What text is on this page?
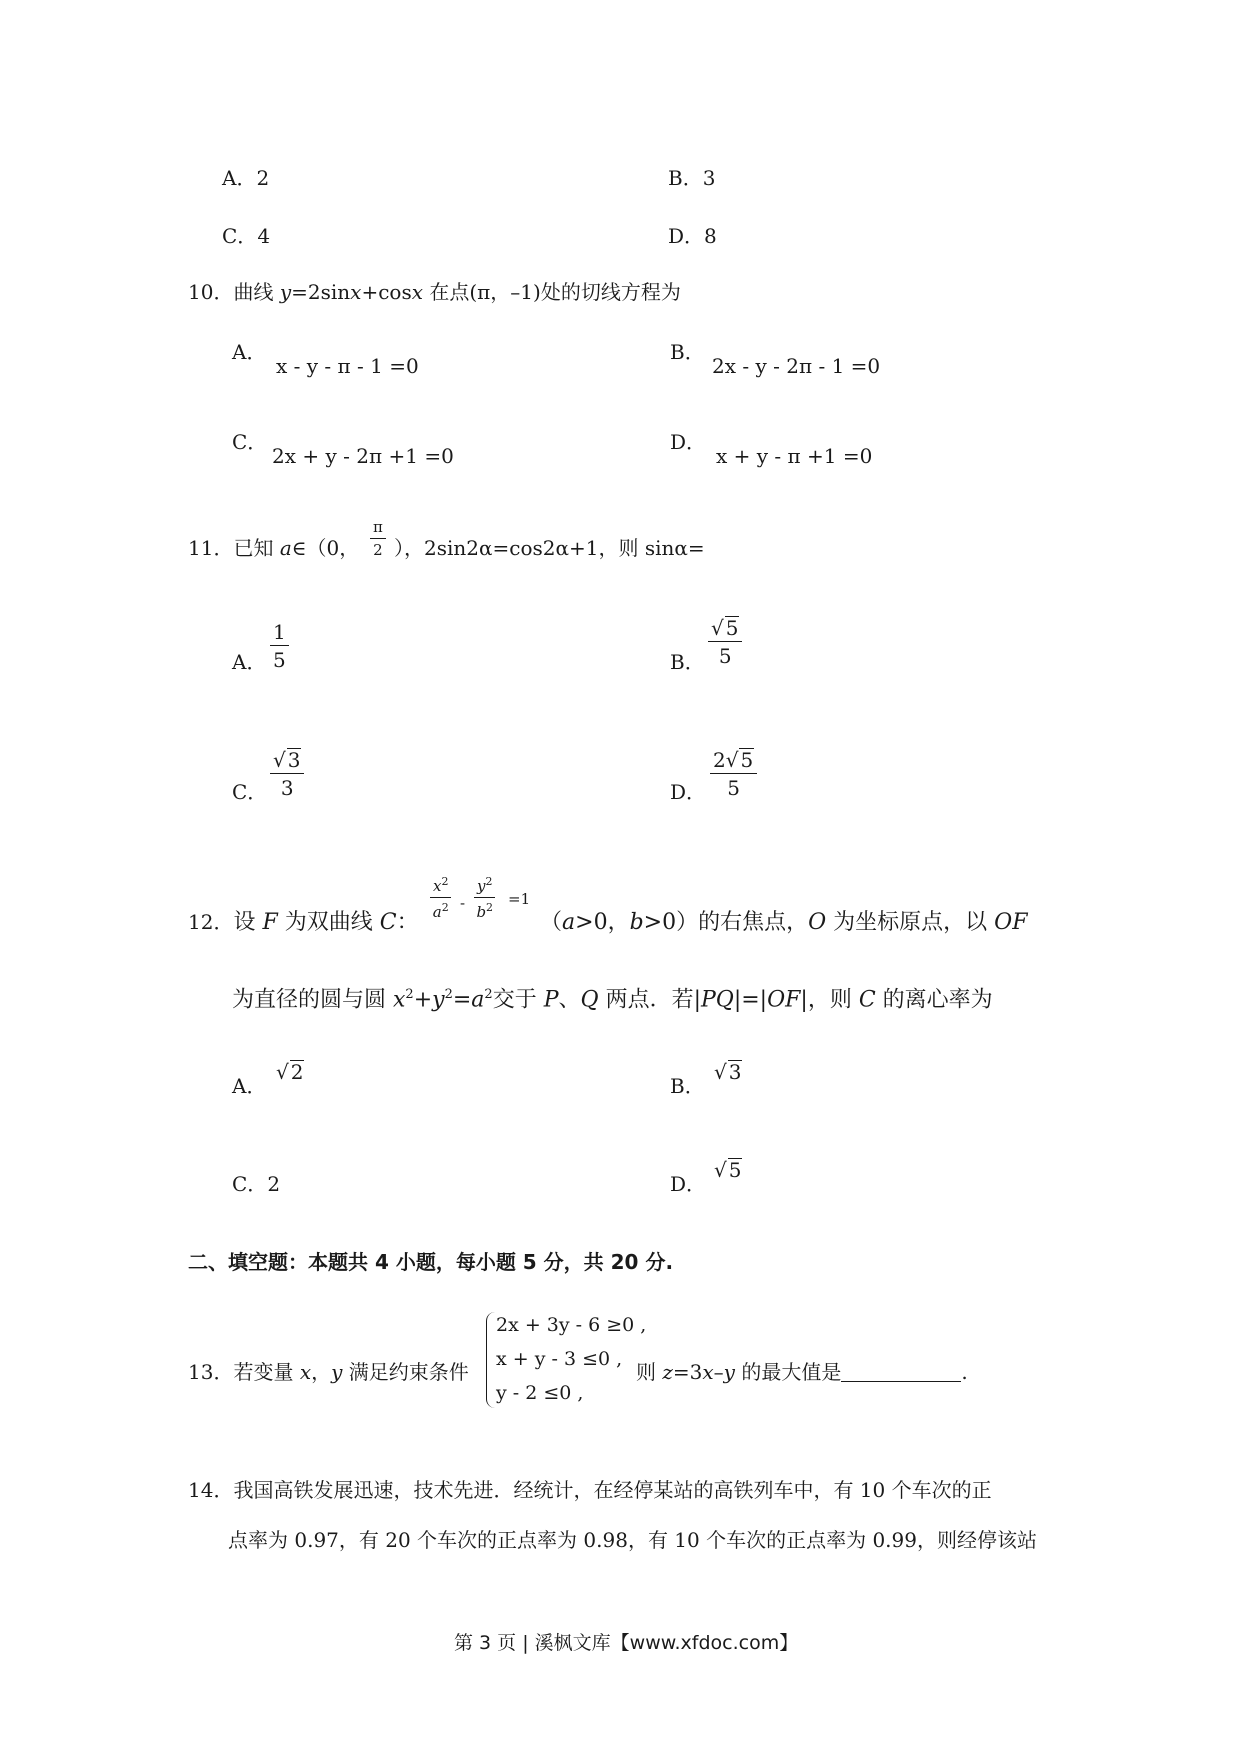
A．2	B．3
C．4	D．8
10．曲线 y=2sinx+cosx 在点(π，–1)处的切线方程为
A．
x - y - π - 1 =0
B．
2x - y - 2π - 1 =0
C．
2x + y - 2π +1 =0
D．
x + y - π +1 =0
11．已知 a∈（0， $\frac{\pi}{2}$ ），2sin2α=cos2α+1，则 sinα=
A． $\frac{1}{5}$	B． $\frac{√ 5}{5}$
C． $\frac{√ 3}{3}$	D． $\frac{2√ 5}{5}$
12．设 F 为双曲线 C：
$\frac{x^2}{a^2} - \frac{y^2}{b^2} =1$
（a>0，b>0）的右焦点，O 为坐标原点，以 OF
为直径的圆与圆 $x^2+y^2=a^2$交于 P、Q 两点．若|PQ|=|OF|，则 C 的离心率为
A．
√ 2
B．
√ 3
C．2	D．
√ 5
二、填空题：本题共 4 小题，每小题 5 分，共 20 分.
13．若变量 x，y 满足约束条件
2x + 3y - 6 ≥0 ,
x + y - 3 ≤0 ,
y - 2 ≤0 ,
则 z=3x–y 的最大值是	.
14．我国高铁发展迅速，技术先进．经统计，在经停某站的高铁列车中，有 10 个车次的正
点率为 0.97，有 20 个车次的正点率为 0.98，有 10 个车次的正点率为 0.99，则经停该站
第 3 页 | 溪枫文库【www.xfdoc.com】
